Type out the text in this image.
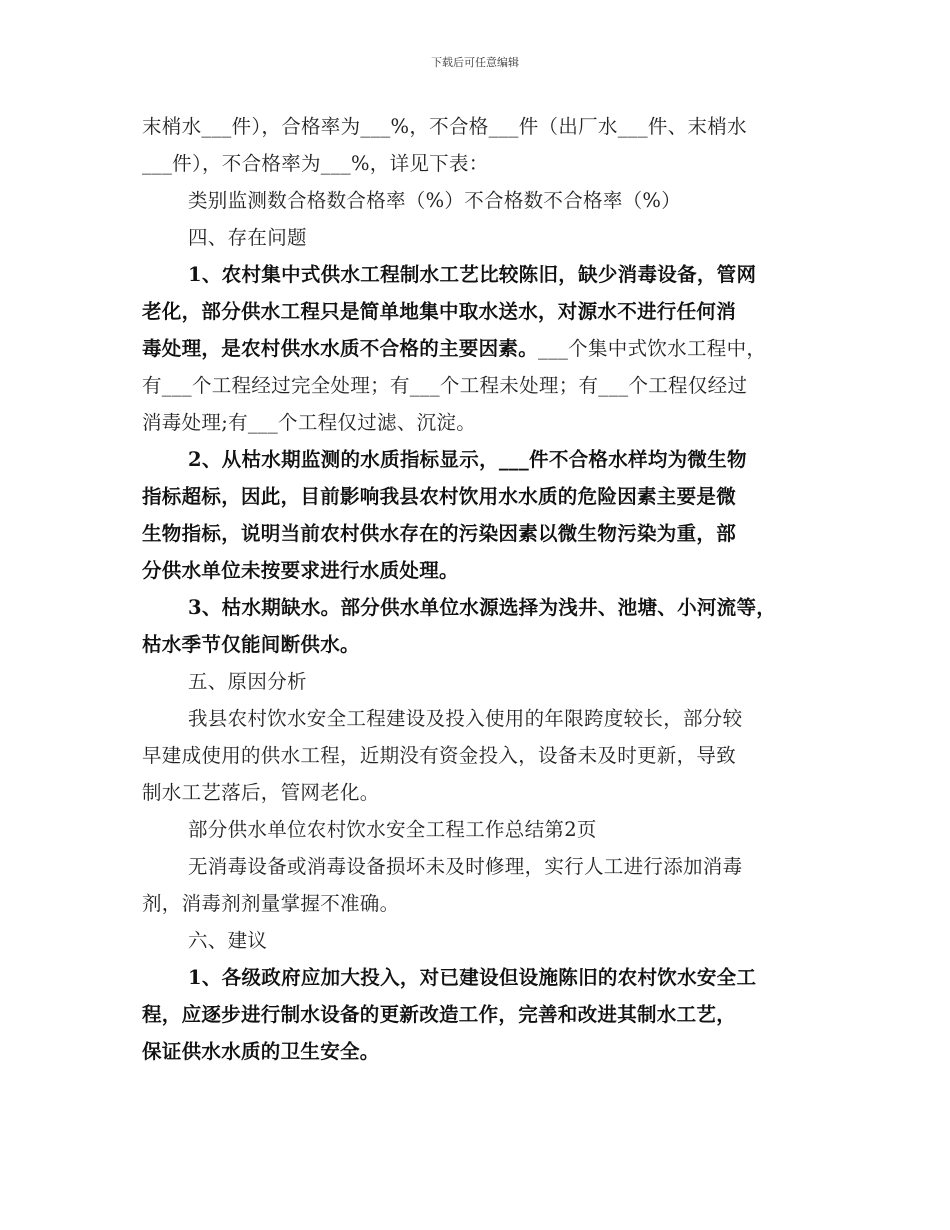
下载后可任意编辑
末梢水___件），合格率为___%，不合格___件（出厂水___件、末梢水
___件），不合格率为___%，详见下表：
类别监测数合格数合格率（%）不合格数不合格率（%）
四、存在问题
1、农村集中式供水工程制水工艺比较陈旧，缺少消毒设备，管网
老化，部分供水工程只是简单地集中取水送水，对源水不进行任何消
毒处理，是农村供水水质不合格的主要因素。___个集中式饮水工程中，
有___个工程经过完全处理；有___个工程未处理；有___个工程仅经过
消毒处理;有___个工程仅过滤、沉淀。
2、从枯水期监测的水质指标显示，___件不合格水样均为微生物
指标超标，因此，目前影响我县农村饮用水水质的危险因素主要是微
生物指标，说明当前农村供水存在的污染因素以微生物污染为重，部
分供水单位未按要求进行水质处理。
3、枯水期缺水。部分供水单位水源选择为浅井、池塘、小河流等，
枯水季节仅能间断供水。
五、原因分析
我县农村饮水安全工程建设及投入使用的年限跨度较长，部分较
早建成使用的供水工程，近期没有资金投入，设备未及时更新，导致
制水工艺落后，管网老化。
部分供水单位农村饮水安全工程工作总结第2页
无消毒设备或消毒设备损坏未及时修理，实行人工进行添加消毒
剂，消毒剂剂量掌握不准确。
六、建议
1、各级政府应加大投入，对已建设但设施陈旧的农村饮水安全工
程，应逐步进行制水设备的更新改造工作，完善和改进其制水工艺，
保证供水水质的卫生安全。
